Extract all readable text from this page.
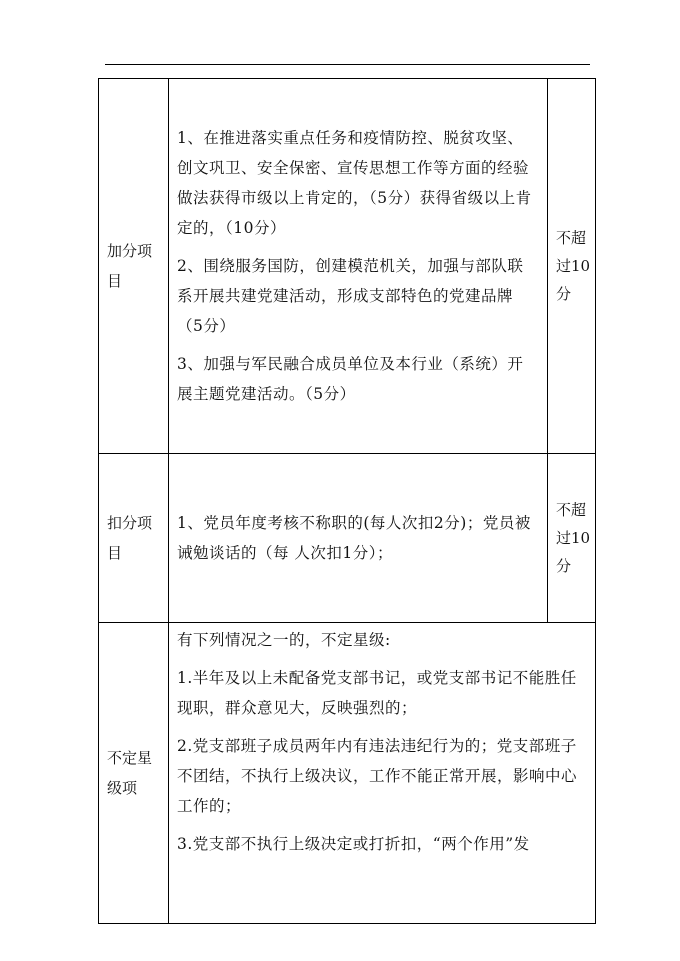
加分项目	1、在推进落实重点任务和疫情防控、脱贫攻坚、创文巩卫、安全保密、宣传思想工作等方面的经验做法获得市级以上肯定的，（5分）获得省级以上肯定的，（10分）

2、围绕服务国防，创建模范机关，加强与部队联系开展共建党建活动，形成支部特色的党建品牌（5分）

3、加强与军民融合成员单位及本行业（系统）开展主题党建活动。（5分）	不超过10分
扣分项目	1、党员年度考核不称职的(每人次扣2分)；党员被诫勉谈话的（每 人次扣1分）；	不超过10分
不定星级项	有下列情况之一的，不定星级:

1.半年及以上未配备党支部书记，或党支部书记不能胜任现职，群众意见大，反映强烈的；

2.党支部班子成员两年内有违法违纪行为的；党支部班子不团结，不执行上级决议，工作不能正常开展，影响中心工作的；

3.党支部不执行上级决定或打折扣，“两个作用”发	
